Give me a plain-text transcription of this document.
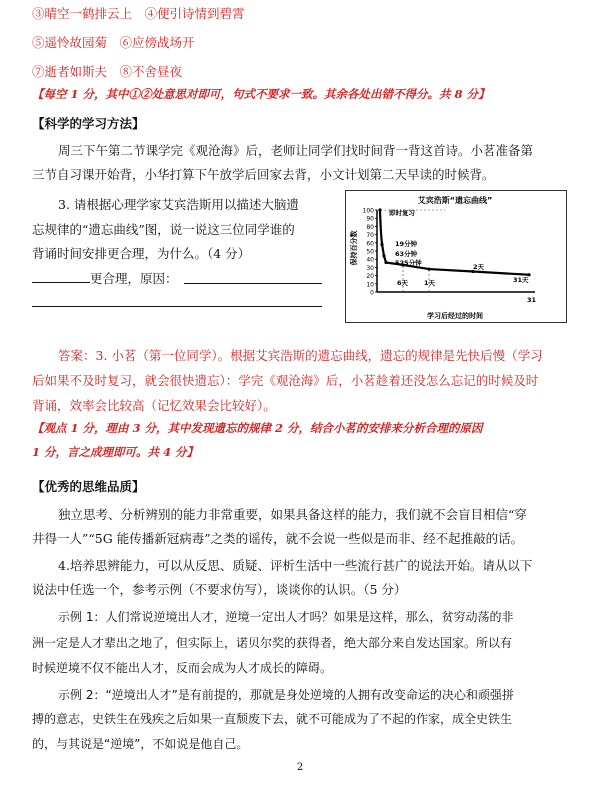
③晴空一鹤排云上　④便引诗情到碧霄
⑤遥怜故园菊　⑥应傍战场开
⑦逝者如斯夫　⑧不舍昼夜
【每空 1 分，其中①②处意思对即可，句式不要求一致。其余各处出错不得分。共 8 分】
【科学的学习方法】
周三下午第二节课学完《观沧海》后，老师让同学们找时间背一背这首诗。小茗准备第
三节自习课开始背，小华打算下午放学后回家去背，小文计划第二天早读的时候背。
3. 请根据心理学家艾宾浩斯用以描述大脑遗
忘规律的“遗忘曲线”图，说一说这三位同学谁的
背诵时间安排更合理，为什么。（4 分）
更合理，原因：
艾宾浩斯“遗忘曲线”
保持百分数
学习后经过的时间
100
90
80
70
60
50
40
30
20
10
0
即时复习
19分钟
63分钟
525分钟
6天 1天
2天
31天
31
答案：3. 小茗（第一位同学）。根据艾宾浩斯的遗忘曲线，遗忘的规律是先快后慢（学习
后如果不及时复习，就会很快遗忘）：学完《观沧海》后，小茗趁着还没怎么忘记的时候及时
背诵，效率会比较高（记忆效果会比较好）。
【观点 1 分，理由 3 分，其中发现遗忘的规律 2 分，结合小茗的安排来分析合理的原因
1 分，言之成理即可。共 4 分】
【优秀的思维品质】
独立思考、分析辨别的能力非常重要，如果具备这样的能力，我们就不会盲目相信“穿
井得一人”“5G 能传播新冠病毒”之类的谣传，就不会说一些似是而非、经不起推敲的话。
4.培养思辨能力，可以从反思、质疑、评析生活中一些流行甚广的说法开始。请从以下
说法中任选一个，参考示例（不要求仿写），谈谈你的认识。（5 分）
示例 1：人们常说逆境出人才，逆境一定出人才吗？如果是这样，那么，贫穷动荡的非
洲一定是人才辈出之地了，但实际上，诺贝尔奖的获得者，绝大部分来自发达国家。所以有
时候逆境不仅不能出人才，反而会成为人才成长的障碍。
示例 2：“逆境出人才”是有前提的，那就是身处逆境的人拥有改变命运的决心和顽强拼
搏的意志，史铁生在残疾之后如果一直颓废下去，就不可能成为了不起的作家，成全史铁生
的，与其说是“逆境”，不如说是他自己。
2
